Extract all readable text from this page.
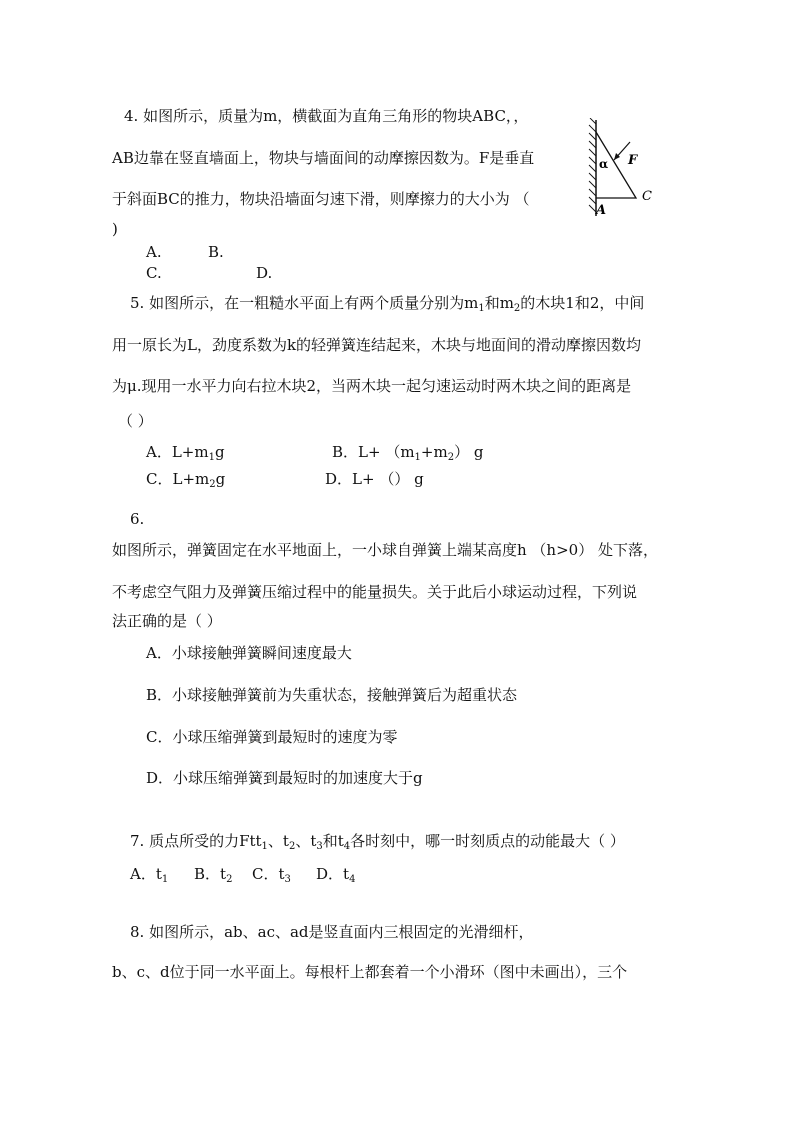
4. 如图所示，质量为m，横截面为直角三角形的物块ABC，，
AB边靠在竖直墙面上，物块与墙面间的动摩擦因数为。F是垂直
于斜面BC的推力，物块沿墙面匀速下滑，则摩擦力的大小为 （
)
A.	B.
C.	D.
α F
C
A
5. 如图所示，在一粗糙水平面上有两个质量分别为$m_1$和$m_2$的木块1和2，中间
用一原长为L，劲度系数为k的轻弹簧连结起来，木块与地面间的滑动摩擦因数均
为μ.现用一水平力向右拉木块2，当两木块一起匀速运动时两木块之间的距离是
（ ）
A．$L+m_1g$	B．$L+ (m_1+m_2)$ g
C．$L+m_2g$	D．L+ （） g
6.
如图所示，弹簧固定在水平地面上，一小球自弹簧上端某高度h （h>0） 处下落，
不考虑空气阻力及弹簧压缩过程中的能量损失。关于此后小球运动过程，下列说
法正确的是（ ）
A．小球接触弹簧瞬间速度最大
B．小球接触弹簧前为失重状态，接触弹簧后为超重状态
C．小球压缩弹簧到最短时的速度为零
D．小球压缩弹簧到最短时的加速度大于g
7. 质点所受的力Ftt$_1$、$t_2$、$t_3$和$t_4$各时刻中，哪一时刻质点的动能最大（ ）
A．$t_1$ B．$t_2$ C．$t_3$ D．$t_4$
8. 如图所示，ab、ac、ad是竖直面内三根固定的光滑细杆，
b、c、d位于同一水平面上。每根杆上都套着一个小滑环（图中未画出），三个
